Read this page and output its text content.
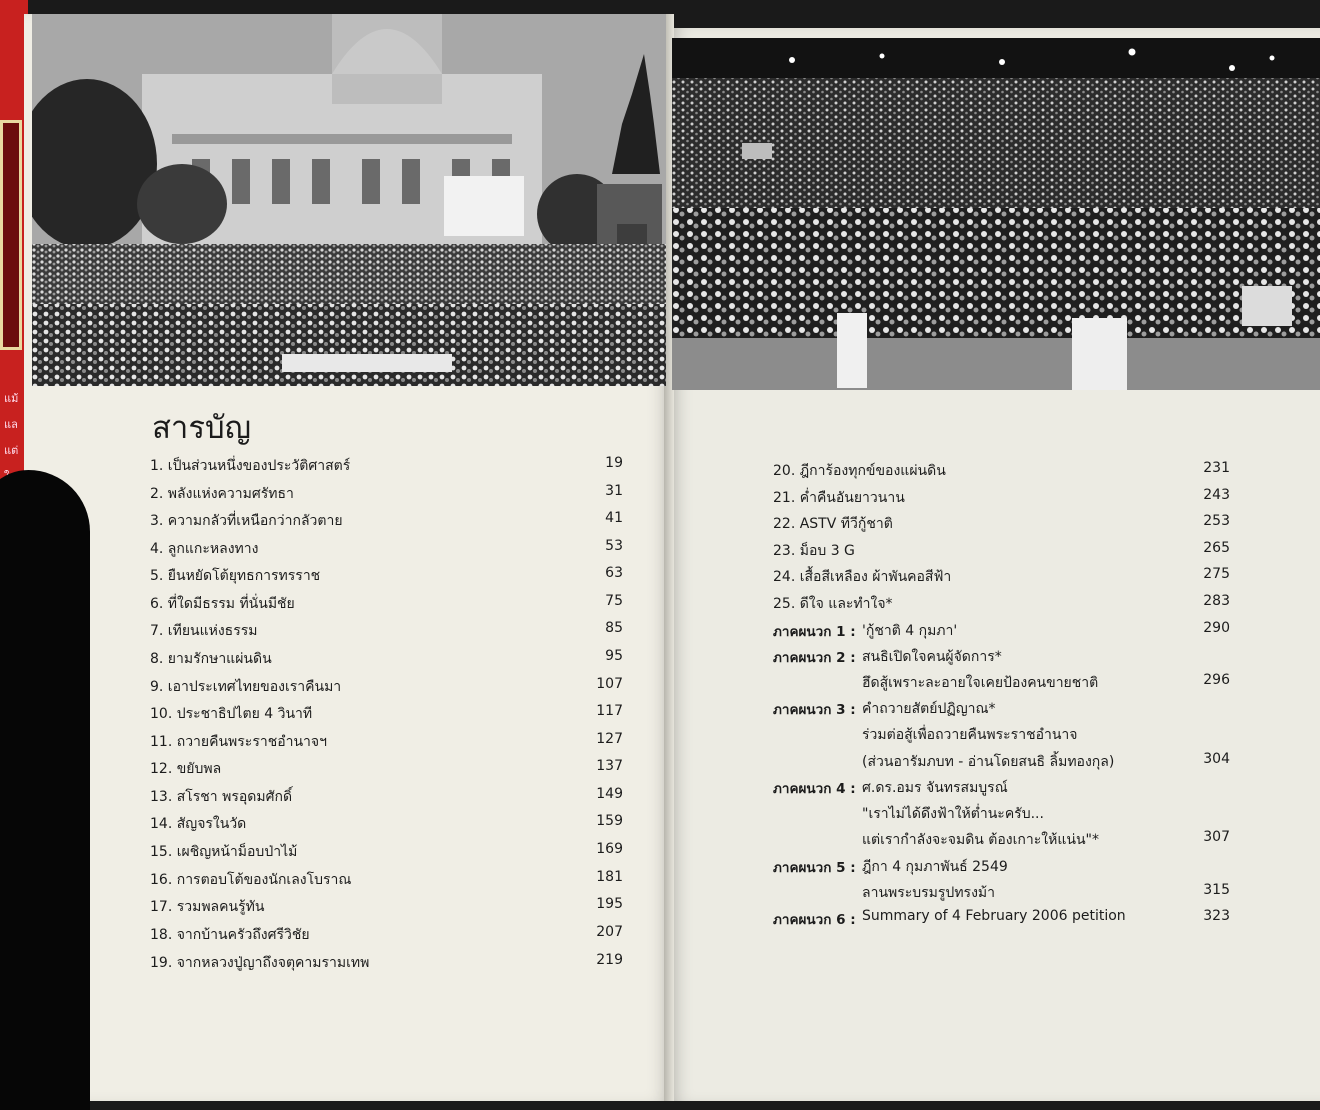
แม้
แล
แต่
สารบัญ
1. เป็นส่วนหนึ่งของประวัติศาสตร์	19
2. พลังแห่งความศรัทธา	31
3. ความกลัวที่เหนือกว่ากลัวตาย	41
4. ลูกแกะหลงทาง	53
5. ยืนหยัดโต้ยุทธการทรราช	63
6. ที่ใดมีธรรม ที่นั่นมีชัย	75
7. เทียนแห่งธรรม	85
8. ยามรักษาแผ่นดิน	95
9. เอาประเทศไทยของเราคืนมา	107
10. ประชาธิปไตย 4 วินาที	117
11. ถวายคืนพระราชอำนาจฯ	127
12. ขยับพล	137
13. สโรชา พรอุดมศักดิ์	149
14. สัญจรในวัด	159
15. เผชิญหน้าม็อบป่าไม้	169
16. การตอบโต้ของนักเลงโบราณ	181
17. รวมพลคนรู้ทัน	195
18. จากบ้านครัวถึงศรีวิชัย	207
19. จากหลวงปู่ญาถึงจตุคามรามเทพ	219
20. ฎีการ้องทุกข์ของแผ่นดิน	231
21. ค่ำคืนอันยาวนาน	243
22. ASTV ทีวีกู้ชาติ	253
23. ม็อบ 3 G	265
24. เสื้อสีเหลือง ผ้าพันคอสีฟ้า	275
25. ดีใจ และทำใจ*	283
ภาคผนวก 1 : 'กู้ชาติ 4 กุมภา'	290
ภาคผนวก 2 : สนธิเปิดใจคนผู้จัดการ*
ฮึดสู้เพราะละอายใจเคยป้องคนขายชาติ	296
ภาคผนวก 3 : คำถวายสัตย์ปฏิญาณ*
ร่วมต่อสู้เพื่อถวายคืนพระราชอำนาจ
(ส่วนอารัมภบท - อ่านโดยสนธิ ลิ้มทองกุล)	304
ภาคผนวก 4 : ศ.ดร.อมร จันทรสมบูรณ์
"เราไม่ได้ดึงฟ้าให้ต่ำนะครับ...
แต่เรากำลังจะจมดิน ต้องเกาะให้แน่น"*	307
ภาคผนวก 5 : ฎีกา 4 กุมภาพันธ์ 2549
ลานพระบรมรูปทรงม้า	315
ภาคผนวก 6 : Summary of 4 February 2006 petition	323
